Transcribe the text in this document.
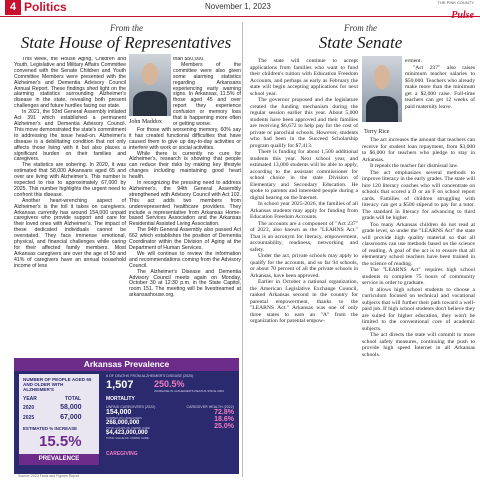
4 Politics	November 1, 2023	THE PINK COUNTY
From the
State House of Representatives

This week, the House Aging, Children and Youth, Legislative and Military Affairs Committee convened with the Senate Children and Youth Committee Members were presented with the Alzheimer's and Dementia Advisory Council Annual Report. These findings shed light on the alarming statistics surrounding Alzheimer's disease in the state, revealing both present challenges and future hurdles facing our state.

In 2021, the 93rd General Assembly initiated Act 391 which established a permanent Alzheimer's and Dementia Advisory Council. This move demonstrated the state's commitment to addressing the issue head-on. Alzheimer's disease is a debilitating condition that not only affects those living with it but also places a significant burden on their families and caregivers.

The statistics are sobering. In 2020, it was estimated that 58,000 Arkansans aged 65 and over are living with Alzheimer's. This number is expected to rise to approximately 67,000 by 2025. This number highlights the urgent need to confront this disease.

Another heart-wrenching aspect of Alzheimer's is the toll it takes on caregivers. Arkansas currently has around 154,000 unpaid caregivers who provide support and care for their loved ones with Alzheimer's. The impact of these dedicated individuals cannot be overstated. They face immense emotional, physical, and financial challenges while caring for their affected family members. Most Arkansas caregivers are over the age of 50 and 41% of caregivers have an annual household income of less

John Maddox

than $50,000.

Members of the committee were also given some alarming statistics regarding Arkansans experiencing early warning signs. In Arkansas, 11.5% of those aged 45 and over report they experience confusion or memory loss that is happening more often or getting worse.

For those with worsening memory, 60% say it has created functional difficulties that have caused them to give up day-to-day activities or interfere with work or social activities.

While there is currently no cure for Alzheimer's, research is showing that people can reduce their risks by making key lifestyle changes including maintaining good heart health.

In recognizing the pressing need to address Alzheimer's, the 94th General Assembly strengthened with Advisory Council with Act 102. This act adds two members from underrepresented healthcare providers. They include a representative from Arkansas Home-based Services Association and the Arkansas Residential Assisted Living Association.

The 94th General Assembly also passed Act 662 which establishes the position of Dementia Coordinator within the Division of Aging at the Department of Human Services.

We will continue to review the information and recommendations coming from the Advisory Council.

The Alzheimer's Disease and Dementia Advisory Council meets again on Monday, October 30 at 12:30 p.m. in the State Capitol, room 151. The meeting will be livestreamed at arkansashouse.org.

Arkansas Prevalence
NUMBER OF PEOPLE AGED 65 AND OLDER WITH ALZHEIMER'S
YEAR	TOTAL
2020	58,000
2025	67,000
ESTIMATED % INCREASE
15.5%
PREVALENCE
# OF DEATHS FROM ALZHEIMER'S DISEASE (2020)
1,507 250.5%
INCREASE IN ALZHEIMER'S DEATHS SINCE 2000
MORTALITY
UNPAID CAREGIVERS (2022)	CAREGIVER HEALTH (2022)
154,000
NUMBER OF CAREGIVERS
268,000,000
TOTAL HOURS OF UNPAID CARE
$4,423,000,000
TOTAL VALUE OF UNPAID CARE
72.8%
18.6%
25.0%
CAREGIVING
Source: 2023 Facts and Figures Report
From the
State Senate

The state will continue to accept applications from families who want to fund their children's tuition with Education Freedom Accounts, and perhaps as early as February the state will begin accepting applications for next school year.

The governor proposed and the legislature created the funding mechanism during the regular session earlier this year. About 5,000 students have been approved and their families are receiving $6,672 to help pay for the cost of private or parochial schools. However, students who had been in the Succeed Scholarship program qualify for $7,413.

There is funding for about 1,500 additional students this year. Next school year, and estimated 13,000 students will be able to apply, according to the assistant commissioner for school choice in the state Division of Elementary and Secondary Education. He spoke to parents and interested people during a digital hearing on the Internet.

In school year 2025-2026, the families of all Arkansas students may apply for funding from Education Freedom Accounts.

The accounts are a component of "Act 237" of 2023, also known as the "LEARNS Act." That is an acronym for literacy, empowerment, accountability, readiness, networking and safety.

Under the act, private schools may apply to qualify for the accounts, and so far 94 schools, or about 70 percent of all the private schools in Arkansas, have been approved.

Earlier in October a national organization, the American Legislative Exchange Council, ranked Arkansas second in the country for parental empowerment, thanks to the "LEARNS Act." Arkansas was one of only three states to earn an "A" from the organization for parental empow-

Terry Rice

erment.

"Act 237" also raises minimum teacher salaries to $50,000. Teachers who already make more than the minimum get a $2,000 raise. Full-time teachers can get 12 weeks of paid maternity leave.

The act increases the amount that teachers can receive for student loan repayment, from $3,000 to $6,000 for teachers who pledge to stay in Arkansas.

It repeals the teacher fair dismissal law.

The act emphasizes several methods to improve literacy in the early grades. The state will hire 120 literacy coaches who will concentrate on schools that scored a D or an F on school report cards. Families of children struggling with literacy can get a $500 stipend to pay for a tutor. The standard in literacy for advancing to third grade will be higher.

Too many Arkansas children do not read at grade level, so under the "LEARNS Act" the state will provide high quality material so that all classrooms can use methods based on the science of reading. A goal of the act is to ensure that all elementary school teachers have been trained in the science of reading.

The "LEARNS Act" requires high school students to complete 75 hours of community service in order to graduate.

It allows high school students to choose a curriculum focused on technical and vocational subjects that will further their path toward a well-paid job. If high school students don't believe they are suited for higher education, they won't be limited to the conventional core of academic subjects.

The act directs the state will commit to more school safety measures, continuing the push to provide high speed Internet in all Arkansas schools.
